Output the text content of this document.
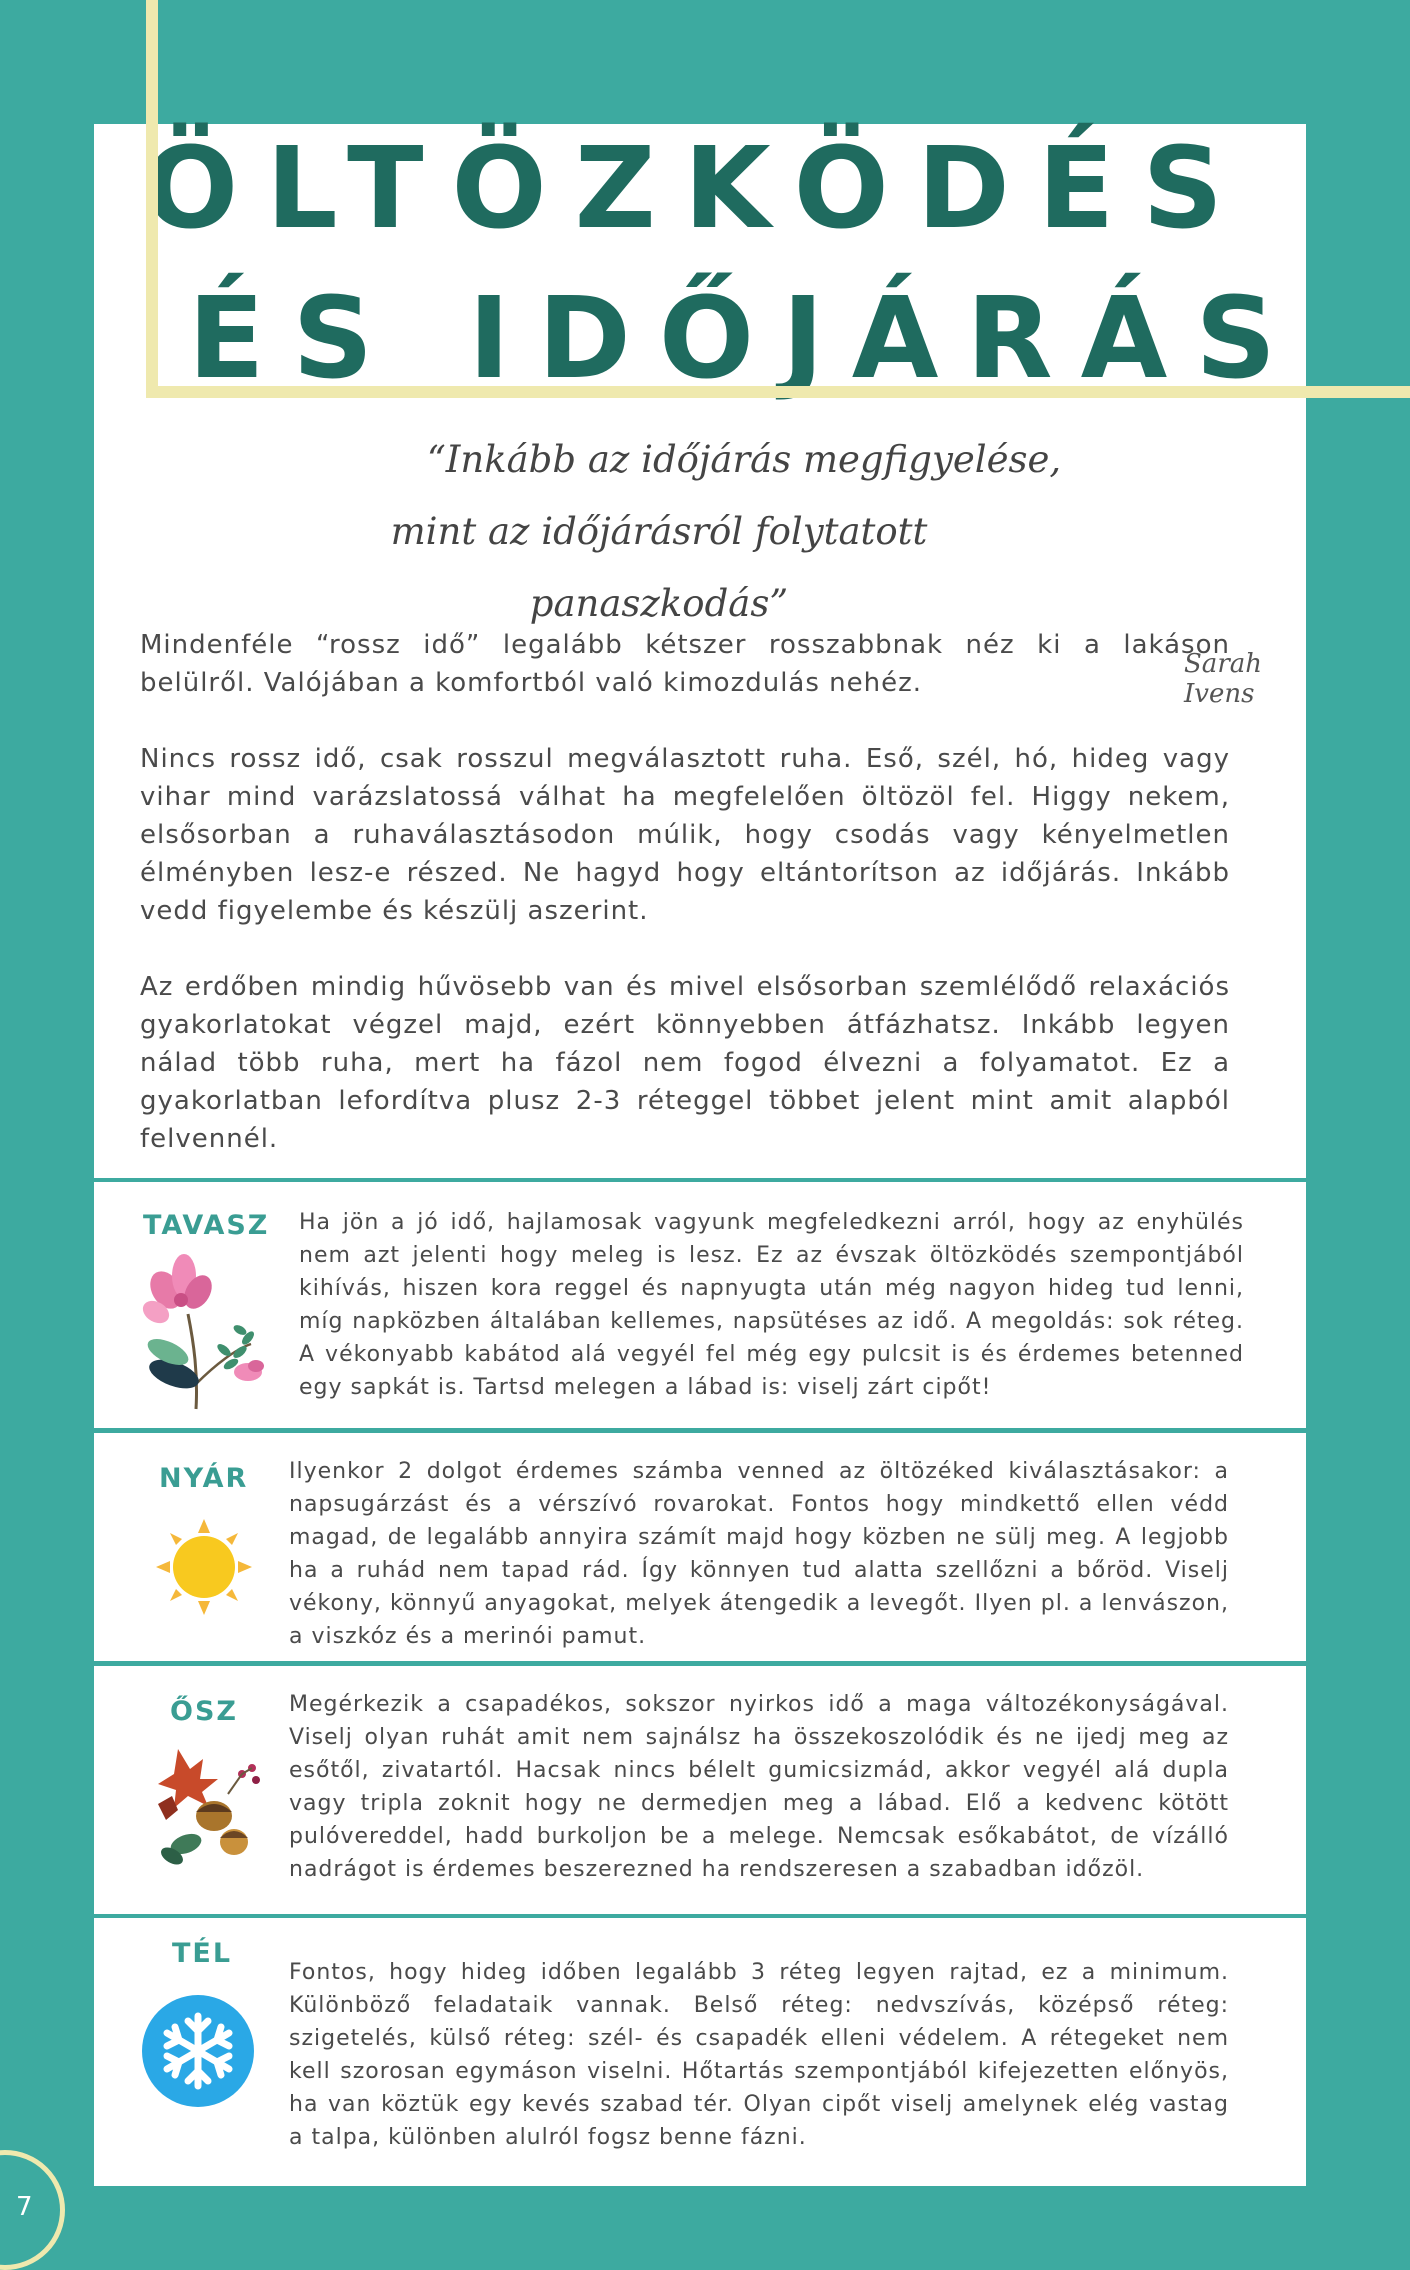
ÖLTÖZKÖDÉS
ÉS IDŐJÁRÁS
“Inkább az időjárás megfigyelése,
mint az időjárásról folytatott panaszkodás”
Sarah Ivens

Mindenféle “rossz idő” legalább kétszer rosszabbnak néz ki a lakáson belülről. Valójában a komfortból való kimozdulás nehéz.

Nincs rossz idő, csak rosszul megválasztott ruha. Eső, szél, hó, hideg vagy vihar mind varázslatossá válhat ha megfelelően öltözöl fel. Higgy nekem, elsősorban a ruhaválasztásodon múlik, hogy csodás vagy kényelmetlen élményben lesz-e részed. Ne hagyd hogy eltántorítson az időjárás. Inkább vedd figyelembe és készülj aszerint.

Az erdőben mindig hűvösebb van és mivel elsősorban szemlélődő relaxációs gyakorlatokat végzel majd, ezért könnyebben átfázhatsz. Inkább legyen nálad több ruha, mert ha fázol nem fogod élvezni a folyamatot. Ez a gyakorlatban lefordítva plusz 2-3 réteggel többet jelent mint amit alapból felvennél.

TAVASZ Ha jön a jó idő, hajlamosak vagyunk megfeledkezni arról, hogy az enyhülés nem azt jelenti hogy meleg is lesz. Ez az évszak öltözködés szempontjából kihívás, hiszen kora reggel és napnyugta után még nagyon hideg tud lenni, míg napközben általában kellemes, napsütéses az idő. A megoldás: sok réteg. A vékonyabb kabátod alá vegyél fel még egy pulcsit is és érdemes betenned egy sapkát is. Tartsd melegen a lábad is: viselj zárt cipőt!
NYÁR Ilyenkor 2 dolgot érdemes számba venned az öltözéked kiválasztásakor: a napsugárzást és a vérszívó rovarokat. Fontos hogy mindkettő ellen védd magad, de legalább annyira számít majd hogy közben ne sülj meg. A legjobb ha a ruhád nem tapad rád. Így könnyen tud alatta szellőzni a bőröd. Viselj vékony, könnyű anyagokat, melyek átengedik a levegőt. Ilyen pl. a lenvászon, a viszkóz és a merinói pamut.
ŐSZ Megérkezik a csapadékos, sokszor nyirkos idő a maga változékonyságával. Viselj olyan ruhát amit nem sajnálsz ha összekoszolódik és ne ijedj meg az esőtől, zivatartól. Hacsak nincs bélelt gumicsizmád, akkor vegyél alá dupla vagy tripla zoknit hogy ne dermedjen meg a lábad. Elő a kedvenc kötött pulóvereddel, hadd burkoljon be a melege. Nemcsak esőkabátot, de vízálló nadrágot is érdemes beszerezned ha rendszeresen a szabadban időzöl.
TÉL
Fontos, hogy hideg időben legalább 3 réteg legyen rajtad, ez a minimum. Különböző feladataik vannak. Belső réteg: nedvszívás, középső réteg: szigetelés, külső réteg: szél- és csapadék elleni védelem. A rétegeket nem kell szorosan egymáson viselni. Hőtartás szempontjából kifejezetten előnyös, ha van köztük egy kevés szabad tér. Olyan cipőt viselj amelynek elég vastag a talpa, különben alulról fogsz benne fázni.
7
